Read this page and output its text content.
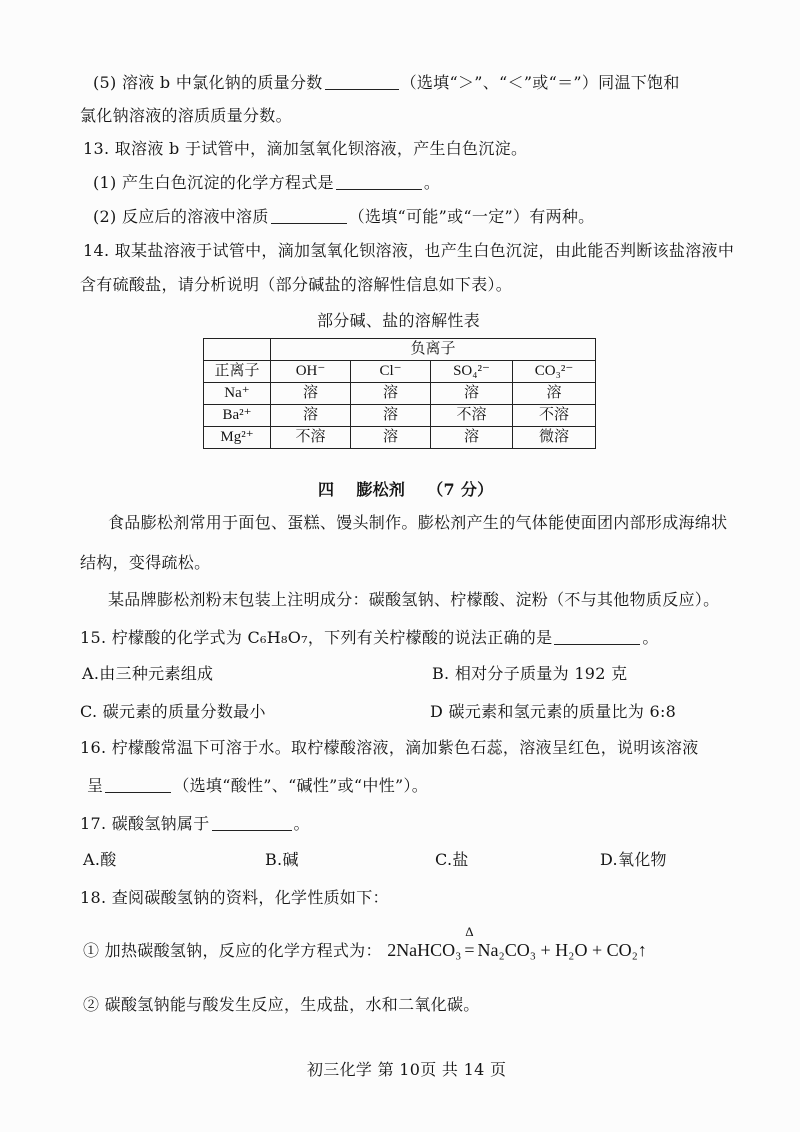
(5) 溶液 b 中氯化钠的质量分数	（选填“＞”、“＜”或“＝”）同温下饱和
氯化钠溶液的溶质质量分数。
13. 取溶液 b 于试管中，滴加氢氧化钡溶液，产生白色沉淀。
(1) 产生白色沉淀的化学方程式是	。
(2) 反应后的溶液中溶质	（选填“可能”或“一定”）有两种。
14. 取某盐溶液于试管中，滴加氢氧化钡溶液，也产生白色沉淀，由此能否判断该盐溶液中
含有硫酸盐，请分析说明（部分碱盐的溶解性信息如下表）。
部分碱、盐的溶解性表
	负离子			
正离子	OH⁻	Cl⁻	SO₄²⁻	CO₃²⁻
Na⁺	溶	溶	溶	溶
Ba²⁺	溶	溶	不溶	不溶
Mg²⁺	不溶	溶	溶	微溶
四 膨松剂 （7 分）
食品膨松剂常用于面包、蛋糕、馒头制作。膨松剂产生的气体能使面团内部形成海绵状
结构，变得疏松。
某品牌膨松剂粉末包装上注明成分：碳酸氢钠、柠檬酸、淀粉（不与其他物质反应）。
15. 柠檬酸的化学式为 C₆H₈O₇，下列有关柠檬酸的说法正确的是	。
A.由三种元素组成	B. 相对分子质量为 192 克
C. 碳元素的质量分数最小	D 碳元素和氢元素的质量比为 6:8
16. 柠檬酸常温下可溶于水。取柠檬酸溶液，滴加紫色石蕊，溶液呈红色，说明该溶液
呈	（选填“酸性”、“碱性”或“中性”）。
17. 碳酸氢钠属于	。
A.酸	B.碱	C.盐	D.氧化物
18. 查阅碳酸氢钠的资料，化学性质如下：
① 加热碳酸氢钠，反应的化学方程式为： 2NaHCO₃
Δ
= Na₂CO₃ + H₂O + CO₂↑
② 碳酸氢钠能与酸发生反应，生成盐，水和二氧化碳。
初三化学 第 10页 共 14 页
